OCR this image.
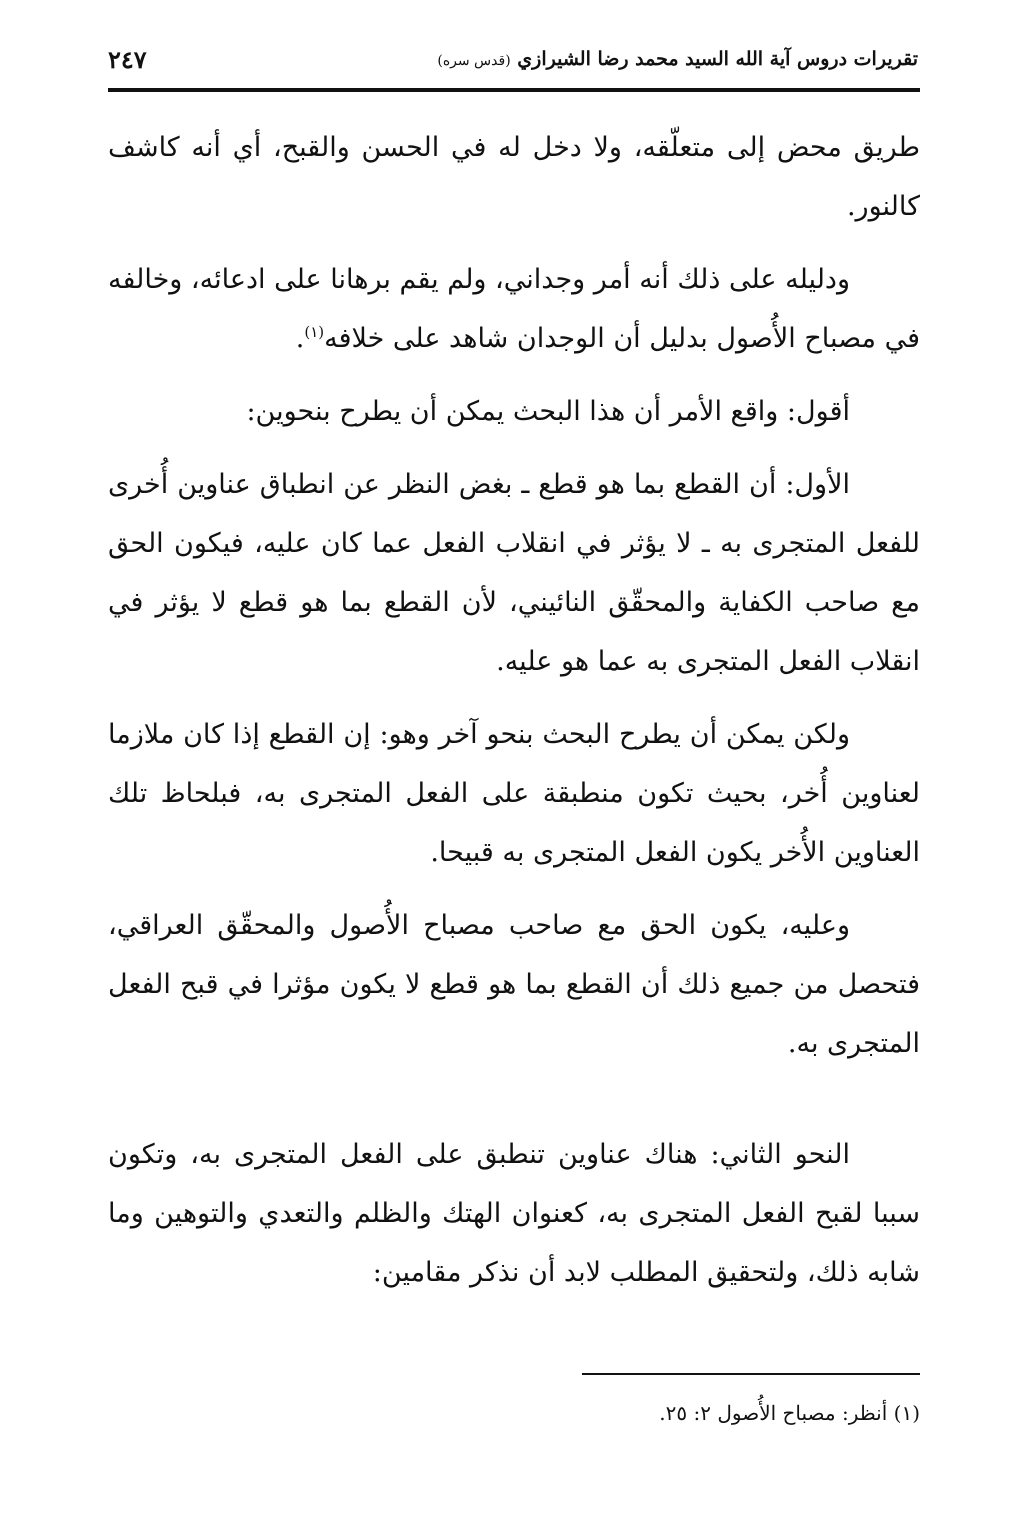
تقريرات دروس آية الله السيد محمد رضا الشيرازي (قدس سره)
٢٤٧

طريق محض إلى متعلّقه، ولا دخل له في الحسن والقبح، أي أنه كاشف كالنور.

ودليله على ذلك أنه أمر وجداني، ولم يقم برهانا على ادعائه، وخالفه في مصباح الأُصول بدليل أن الوجدان شاهد على خلافه$^{(١)}$.

أقول: واقع الأمر أن هذا البحث يمكن أن يطرح بنحوين:

الأول: أن القطع بما هو قطع ـ بغض النظر عن انطباق عناوين أُخرى للفعل المتجرى به ـ لا يؤثر في انقلاب الفعل عما كان عليه، فيكون الحق مع صاحب الكفاية والمحقّق النائيني، لأن القطع بما هو قطع لا يؤثر في انقلاب الفعل المتجرى به عما هو عليه.

ولكن يمكن أن يطرح البحث بنحو آخر وهو: إن القطع إذا كان ملازما لعناوين أُخر، بحيث تكون منطبقة على الفعل المتجرى به، فبلحاظ تلك العناوين الأُخر يكون الفعل المتجرى به قبيحا.

وعليه، يكون الحق مع صاحب مصباح الأُصول والمحقّق العراقي، فتحصل من جميع ذلك أن القطع بما هو قطع لا يكون مؤثرا في قبح الفعل المتجرى به.

النحو الثاني: هناك عناوين تنطبق على الفعل المتجرى به، وتكون سببا لقبح الفعل المتجرى به، كعنوان الهتك والظلم والتعدي والتوهين وما شابه ذلك، ولتحقيق المطلب لابد أن نذكر مقامين:

(١) أنظر: مصباح الأُصول ٢: ٢٥.
